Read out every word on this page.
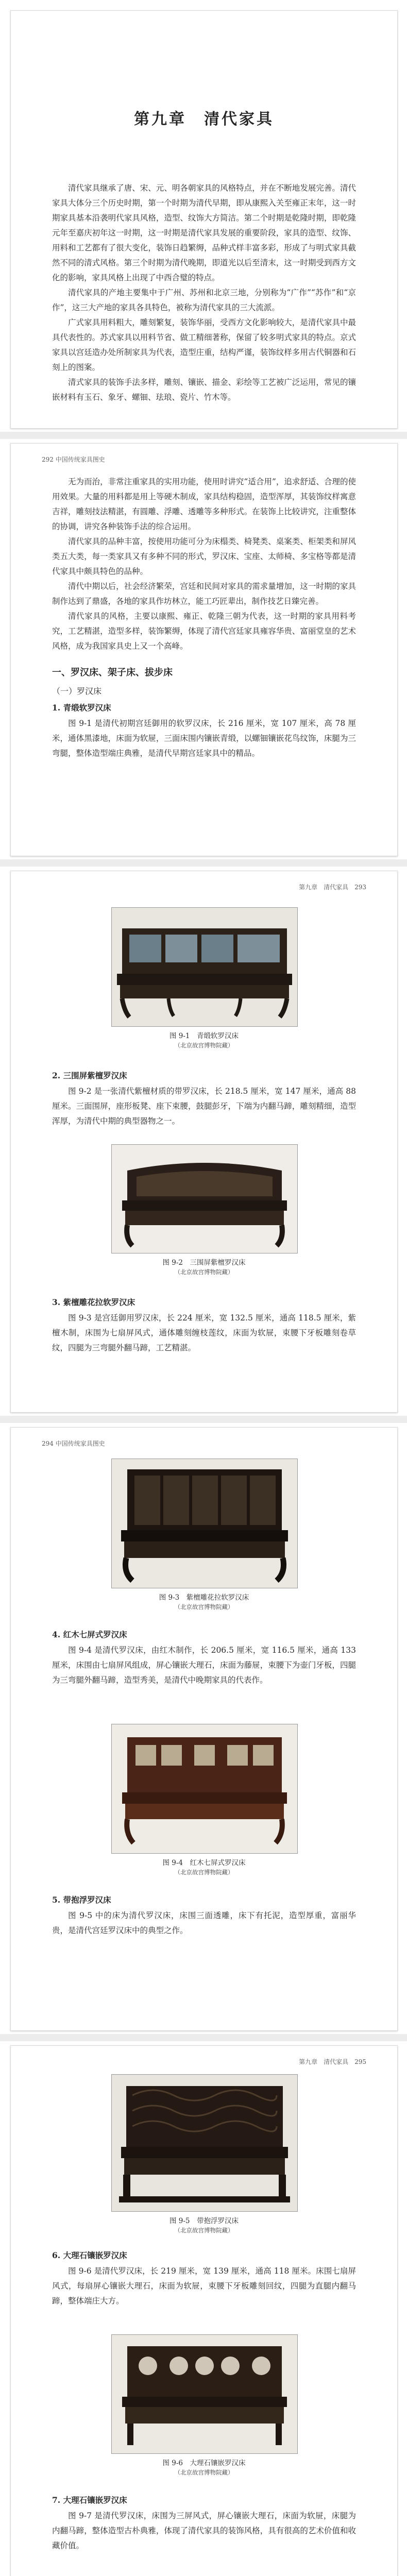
第九章　清代家具

清代家具继承了唐、宋、元、明各朝家具的风格特点，并在不断地发展完善。清代家具大体分三个历史时期，第一个时期为清代早期，即从康熙入关至雍正末年，这一时期家具基本沿袭明代家具风格，造型、纹饰大方简洁。第二个时期是乾隆时期，即乾隆元年至嘉庆初年这一时期，这一时期是清代家具发展的重要阶段，家具的造型、纹饰、用料和工艺都有了很大变化，装饰日趋繁缛，品种式样丰富多彩，形成了与明式家具截然不同的清式风格。第三个时期为清代晚期，即道光以后至清末，这一时期受到西方文化的影响，家具风格上出现了中西合璧的特点。

清代家具的产地主要集中于广州、苏州和北京三地，分别称为“广作”“苏作”和“京作”，这三大产地的家具各具特色，被称为清代家具的三大流派。

广式家具用料粗大，雕刻繁复，装饰华丽，受西方文化影响较大，是清代家具中最具代表性的。苏式家具以用料节省、做工精细著称，保留了较多明式家具的特点。京式家具以宫廷造办处所制家具为代表，造型庄重，结构严谨，装饰纹样多用古代铜器和石刻上的图案。

清式家具的装饰手法多样，雕刻、镶嵌、描金、彩绘等工艺被广泛运用，常见的镶嵌材料有玉石、象牙、螺钿、珐琅、瓷片、竹木等。

292 中国传统家具图史

无为而治，非常注重家具的实用功能，使用时讲究“适合用”，追求舒适、合理的使用效果。大量的用料都是用上等硬木制成，家具结构稳固，造型浑厚，其装饰纹样寓意吉祥，雕刻技法精湛，有圆雕、浮雕、透雕等多种形式。在装饰上比较讲究，注重整体的协调，讲究各种装饰手法的综合运用。

清代家具的品种丰富，按使用功能可分为床榻类、椅凳类、桌案类、柜架类和屏风类五大类，每一类家具又有多种不同的形式，罗汉床、宝座、太师椅、多宝格等都是清代家具中颇具特色的品种。

清代中期以后，社会经济繁荣，宫廷和民间对家具的需求量增加，这一时期的家具制作达到了鼎盛，各地的家具作坊林立，能工巧匠辈出，制作技艺日臻完善。

清代家具的风格，主要以康熙、雍正、乾隆三朝为代表，这一时期的家具用料考究，工艺精湛，造型多样，装饰繁缛，体现了清代宫廷家具雍容华贵、富丽堂皇的艺术风格，成为我国家具史上又一个高峰。

一、罗汉床、架子床、拔步床
（一）罗汉床
1. 青缎软罗汉床

图 9-1 是清代初期宫廷御用的软罗汉床，长 216 厘米，宽 107 厘米，高 78 厘米，通体黑漆地，床面为软屉，三面床围内镶嵌青缎，以螺钿镶嵌花鸟纹饰，床腿为三弯腿，整体造型端庄典雅，是清代早期宫廷家具中的精品。

第九章　清代家具　293
图 9-1　青缎软罗汉床
（北京故宫博物院藏）
2. 三围屏紫檀罗汉床

图 9-2 是一张清代紫檀材质的带罗汉床，长 218.5 厘米，宽 147 厘米，通高 88 厘米。三面围屏，座形板凳、座下束腰，鼓腿彭牙，下端为内翻马蹄，雕刻精细，造型浑厚，为清代中期的典型器物之一。

图 9-2　三围屏紫檀罗汉床
（北京故宫博物院藏）
3. 紫檀雕花拉软罗汉床

图 9-3 是宫廷御用罗汉床，长 224 厘米，宽 132.5 厘米，通高 118.5 厘米，紫檀木制，床围为七扇屏风式，通体雕刻缠枝莲纹，床面为软屉，束腰下牙板雕刻卷草纹，四腿为三弯腿外翻马蹄，工艺精湛。

294 中国传统家具图史
图 9-3　紫檀雕花拉软罗汉床
（北京故宫博物院藏）
4. 红木七屏式罗汉床

图 9-4 是清代罗汉床，由红木制作，长 206.5 厘米，宽 116.5 厘米，通高 133 厘米，床围由七扇屏风组成，屏心镶嵌大理石，床面为藤屉，束腰下为壶门牙板，四腿为三弯腿外翻马蹄，造型秀美，是清代中晚期家具的代表作。

图 9-4　红木七屏式罗汉床
（北京故宫博物院藏）
5. 带抱浮罗汉床

图 9-5 中的床为清代罗汉床，床围三面透雕，床下有托泥，造型厚重，富丽华贵，是清代宫廷罗汉床中的典型之作。

第九章　清代家具　295
图 9-5　带抱浮罗汉床
（北京故宫博物院藏）
6. 大理石镶嵌罗汉床

图 9-6 是清代罗汉床，长 219 厘米，宽 139 厘米，通高 118 厘米。床围七扇屏风式，每扇屏心镶嵌大理石，床面为软屉，束腰下牙板雕刻回纹，四腿为直腿内翻马蹄，整体端庄大方。

图 9-6　大理石镶嵌罗汉床
（北京故宫博物院藏）
7. 大理石镶嵌罗汉床

图 9-7 是清代罗汉床，床围为三屏风式，屏心镶嵌大理石，床面为软屉，床腿为内翻马蹄，整体造型古朴典雅，体现了清代家具的装饰风格，具有很高的艺术价值和收藏价值。
